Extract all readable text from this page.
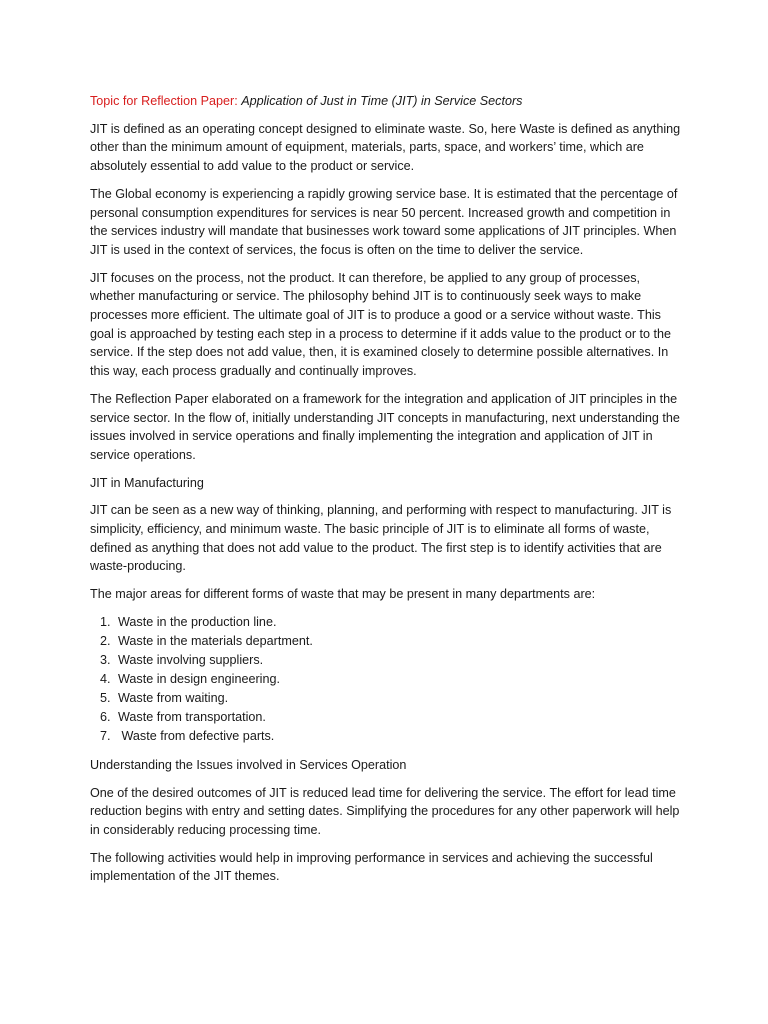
Topic for Reflection Paper: Application of Just in Time (JIT) in Service Sectors

JIT is defined as an operating concept designed to eliminate waste. So, here Waste is defined as anything other than the minimum amount of equipment, materials, parts, space, and workers’ time, which are absolutely essential to add value to the product or service.

The Global economy is experiencing a rapidly growing service base. It is estimated that the percentage of personal consumption expenditures for services is near 50 percent. Increased growth and competition in the services industry will mandate that businesses work toward some applications of JIT principles. When JIT is used in the context of services, the focus is often on the time to deliver the service.

JIT focuses on the process, not the product. It can therefore, be applied to any group of processes, whether manufacturing or service. The philosophy behind JIT is to continuously seek ways to make processes more efficient. The ultimate goal of JIT is to produce a good or a service without waste. This goal is approached by testing each step in a process to determine if it adds value to the product or to the service. If the step does not add value, then, it is examined closely to determine possible alternatives. In this way, each process gradually and continually improves.

The Reflection Paper elaborated on a framework for the integration and application of JIT principles in the service sector. In the flow of, initially understanding JIT concepts in manufacturing, next understanding the issues involved in service operations and finally implementing the integration and application of JIT in service operations.

JIT in Manufacturing

JIT can be seen as a new way of thinking, planning, and performing with respect to manufacturing. JIT is simplicity, efficiency, and minimum waste. The basic principle of JIT is to eliminate all forms of waste, defined as anything that does not add value to the product. The first step is to identify activities that are waste-producing.

The major areas for different forms of waste that may be present in many departments are:

1. Waste in the production line.
2. Waste in the materials department.
3. Waste involving suppliers.
4. Waste in design engineering.
5. Waste from waiting.
6. Waste from transportation.
7. Waste from defective parts.

Understanding the Issues involved in Services Operation

One of the desired outcomes of JIT is reduced lead time for delivering the service. The effort for lead time reduction begins with entry and setting dates. Simplifying the procedures for any other paperwork will help in considerably reducing processing time.

The following activities would help in improving performance in services and achieving the successful implementation of the JIT themes.
